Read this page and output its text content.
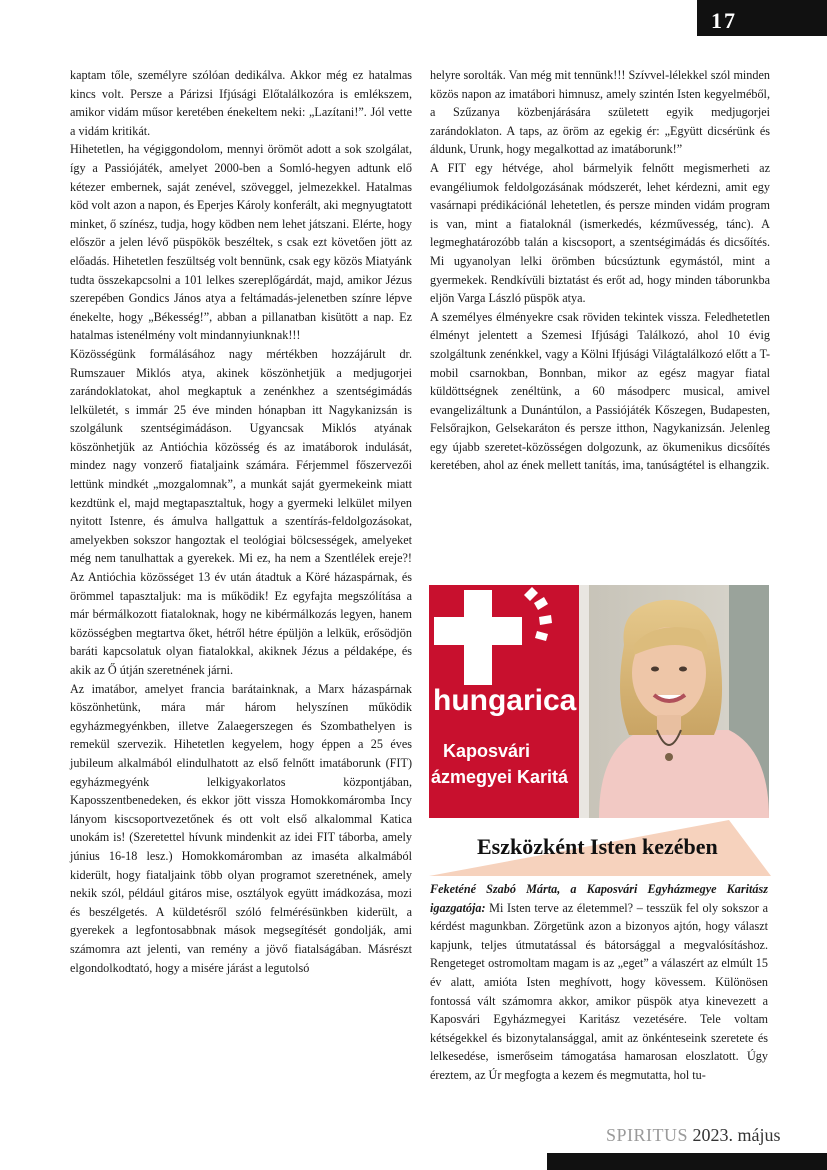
17

kaptam tőle, személyre szólóan dedikálva. Akkor még ez hatalmas kincs volt. Persze a Párizsi Ifjúsági Előtalálkozóra is emlékszem, amikor vidám műsor keretében énekeltem neki: „Lazítani!”. Jól vette a vidám kritikát.

Hihetetlen, ha végiggondolom, mennyi örömöt adott a sok szolgálat, így a Passiójáték, amelyet 2000-ben a Somló-hegyen adtunk elő kétezer embernek, saját zenével, szöveggel, jelmezekkel. Hatalmas köd volt azon a napon, és Eperjes Károly konferált, aki megnyugtatott minket, ő színész, tudja, hogy ködben nem lehet játszani. Elérte, hogy először a jelen lévő püspökök beszéltek, s csak ezt követően jött az előadás. Hihetetlen feszültség volt bennünk, csak egy közös Miatyánk tudta összekapcsolni a 101 lelkes szereplőgárdát, majd, amikor Jézus szerepében Gondics János atya a feltámadás-jelenetben színre lépve énekelte, hogy „Békesség!”, abban a pillanatban kisütött a nap. Ez hatalmas istenélmény volt mindannyiunknak!!!

Közösségünk formálásához nagy mértékben hozzájárult dr. Rumszauer Miklós atya, akinek köszönhetjük a medjugorjei zarándoklatokat, ahol megkaptuk a zenénkhez a szentségimádás lelkületét, s immár 25 éve minden hónapban itt Nagykanizsán is szolgálunk szentségimádáson. Ugyancsak Miklós atyának köszönhetjük az Antióchia közösség és az imatáborok indulását, mindez nagy vonzerő fiataljaink számára. Férjemmel főszervezői lettünk mindkét „mozgalomnak”, a munkát saját gyermekeink miatt kezdtünk el, majd megtapasztaltuk, hogy a gyermeki lelkület milyen nyitott Istenre, és ámulva hallgattuk a szentírás-feldolgozásokat, amelyekben sokszor hangoztak el teológiai bölcsességek, amelyeket még nem tanulhattak a gyerekek. Mi ez, ha nem a Szentlélek ereje?! Az Antióchia közösséget 13 év után átadtuk a Köré házaspárnak, és örömmel tapasztaljuk: ma is működik! Ez egyfajta megszólítása a már bérmálkozott fiataloknak, hogy ne kibérmálkozás legyen, hanem közösségben megtartva őket, hétről hétre épüljön a lelkük, erősödjön baráti kapcsolatuk olyan fiatalokkal, akiknek Jézus a példaképe, és akik az Ő útján szeretnének járni.

Az imatábor, amelyet francia barátainknak, a Marx házaspárnak köszönhetünk, mára már három helyszínen működik egyházmegyénkben, illetve Zalaegerszegen és Szombathelyen is remekül szervezik. Hihetetlen kegyelem, hogy éppen a 25 éves jubileum alkalmából elindulhatott az első felnőtt imatáborunk (FIT) egyházmegyénk lelkigyakorlatos központjában, Kaposszentbenedeken, és ekkor jött vissza Homokkomáromba Incy lányom kiscsoportvezetőnek és ott volt első alkalommal Katica unokám is! (Szeretettel hívunk mindenkit az idei FIT táborba, amely június 16-18 lesz.) Homokkomáromban az imaséta alkalmából kiderült, hogy fiataljaink több olyan programot szeretnének, amely nekik szól, például gitáros mise, osztályok együtt imádkozása, mozi és beszélgetés. A küldetésről szóló felmérésünkben kiderült, a gyerekek a legfontosabbnak mások megsegítését gondolják, ami számomra azt jelenti, van remény a jövő fiatalságában. Másrészt elgondolkodtató, hogy a misére járást a legutolsó

helyre sorolták. Van még mit tennünk!!! Szívvel-lélekkel szól minden közös napon az imatábori himnusz, amely szintén Isten kegyelméből, a Szűzanya közbenjárására született egyik medjugorjei zarándoklaton. A taps, az öröm az egekig ér: „Együtt dicsérünk és áldunk, Urunk, hogy megalkottad az imatáborunk!”

A FIT egy hétvége, ahol bármelyik felnőtt megismerheti az evangéliumok feldolgozásának módszerét, lehet kérdezni, amit egy vasárnapi prédikációnál lehetetlen, és persze minden vidám program is van, mint a fiataloknál (ismerkedés, kézművesség, tánc). A legmeghatározóbb talán a kiscsoport, a szentségimádás és dicsőítés. Mi ugyanolyan lelki örömben búcsúztunk egymástól, mint a gyermekek. Rendkívüli biztatást és erőt ad, hogy minden táborunkba eljön Varga László püspök atya.

A személyes élményekre csak röviden tekintek vissza. Feledhetetlen élményt jelentett a Szemesi Ifjúsági Találkozó, ahol 10 évig szolgáltunk zenénkkel, vagy a Kölni Ifjúsági Világtalálkozó előtt a T-mobil csarnokban, Bonnban, mikor az egész magyar fiatal küldöttségnek zenéltünk, a 60 másodperc musical, amivel evangelizáltunk a Dunántúlon, a Passiójáték Kőszegen, Budapesten, Felsőrajkon, Gelsekaráton és persze itthon, Nagykanizsán. Jelenleg egy újabb szeretet-közösségen dolgozunk, az ökumenikus dicsőítés keretében, ahol az ének mellett tanítás, ima, tanúságtétel is elhangzik.

hungarica
Kaposvári
ázmegyei Karitá
Eszközként Isten kezében

Feketéné Szabó Márta, a Kaposvári Egyházmegye Karitász igazgatója: Mi Isten terve az életemmel? – tesszük fel oly sokszor a kérdést magunkban. Zörgetünk azon a bizonyos ajtón, hogy választ kapjunk, teljes útmutatással és bátorsággal a megvalósításhoz. Rengeteget ostromoltam magam is az „eget” a válaszért az elmúlt 15 év alatt, amióta Isten meghívott, hogy kövessem. Különösen fontossá vált számomra akkor, amikor püspök atya kinevezett a Kaposvári Egyházmegyei Karitász vezetésére. Tele voltam kétségekkel és bizonytalansággal, amit az önkénteseink szeretete és lelkesedése, ismerőseim támogatása hamarosan eloszlatott. Úgy éreztem, az Úr megfogta a kezem és megmutatta, hol tu-

SPIRITUS 2023. május
